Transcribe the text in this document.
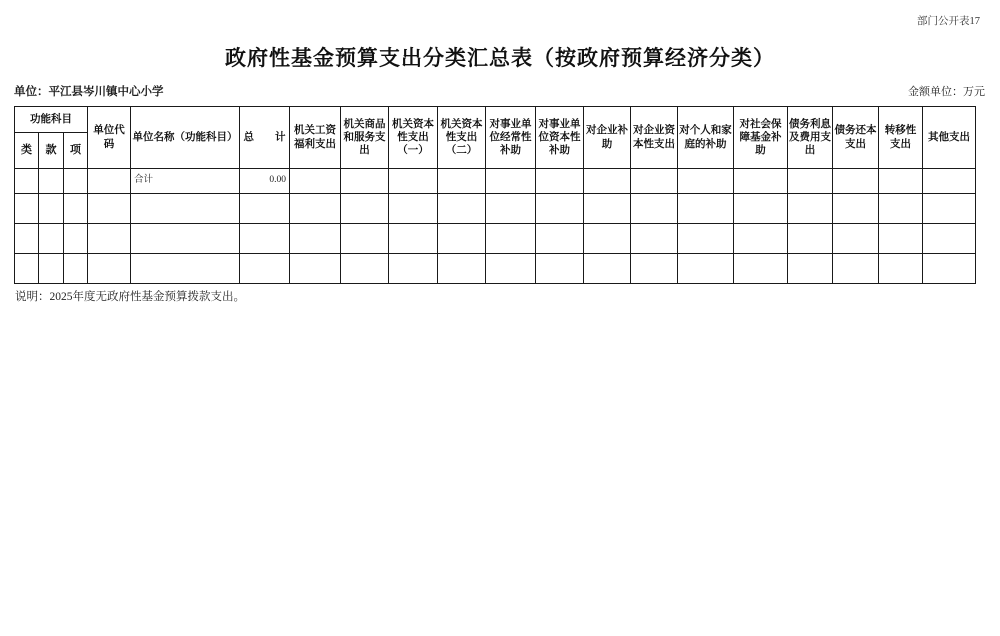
部门公开表17
政府性基金预算支出分类汇总表（按政府预算经济分类）
单位：平江县岑川镇中心小学	金额单位：万元
功能科目			单位代码	单位名称（功能科目）	总　　计	机关工资福利支出	机关商品和服务支出	机关资本性支出（一）	机关资本性支出（二）	对事业单位经常性补助	对事业单位资本性补助	对企业补助	对企业资本性支出	对个人和家庭的补助	对社会保障基金补助	债务利息及费用支出	债务还本支出	转移性支出	其他支出
类	款	项																	
				合计	0.00														

说明：2025年度无政府性基金预算拨款支出。
